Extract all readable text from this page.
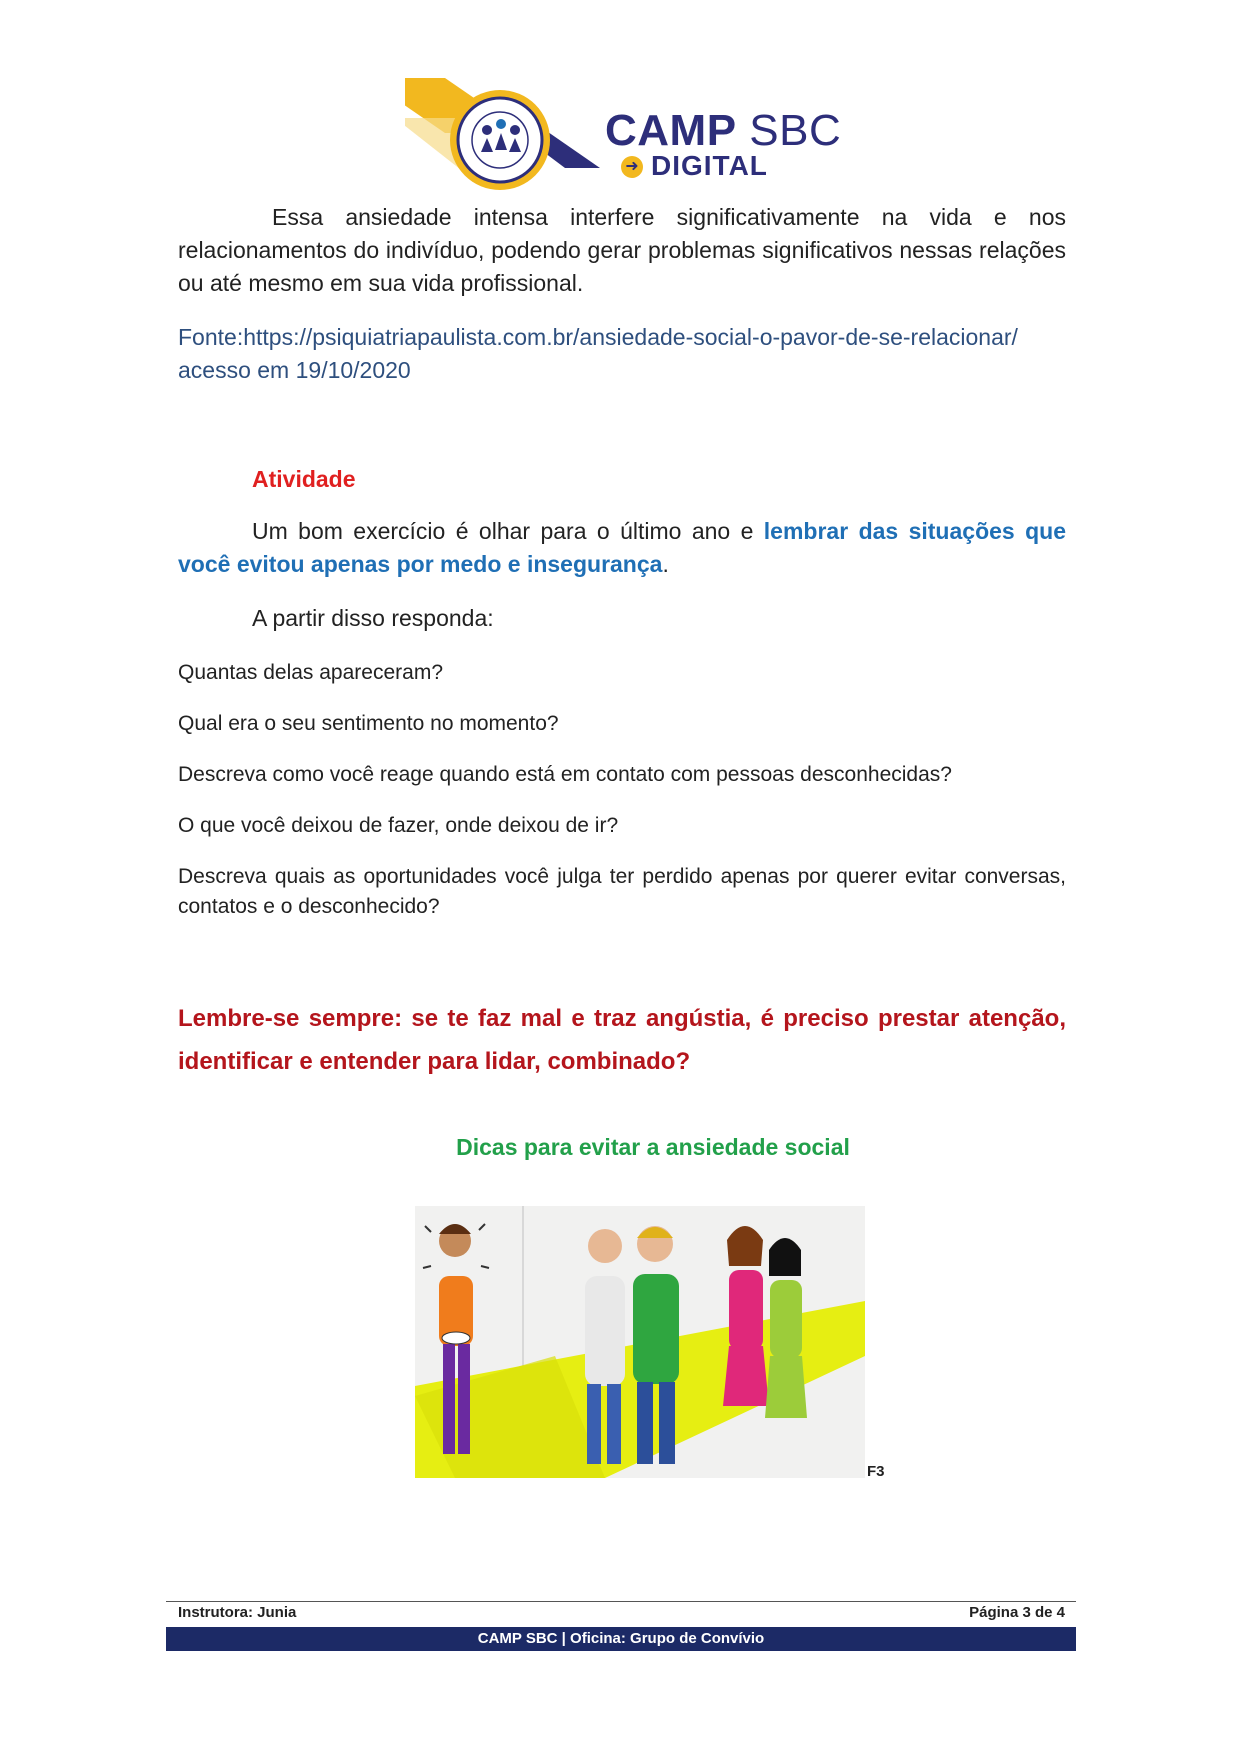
CAMP SBC
➜ DIGITAL
Essa ansiedade intensa interfere significativamente na vida e nos relacionamentos do indivíduo, podendo gerar problemas significativos nessas relações ou até mesmo em sua vida profissional.
Fonte:https://psiquiatriapaulista.com.br/ansiedade-social-o-pavor-de-se-relacionar/ acesso em 19/10/2020
Atividade
Um bom exercício é olhar para o último ano e lembrar das situações que você evitou apenas por medo e insegurança.
A partir disso responda:
Quantas delas apareceram?
Qual era o seu sentimento no momento?
Descreva como você reage quando está em contato com pessoas desconhecidas?
O que você deixou de fazer, onde deixou de ir?
Descreva quais as oportunidades você julga ter perdido apenas por querer evitar conversas, contatos e o desconhecido?
Lembre-se sempre: se te faz mal e traz angústia, é preciso prestar atenção, identificar e entender para lidar, combinado?
Dicas para evitar a ansiedade social
F3
Instrutora: Junia	Página 3 de 4
CAMP SBC | Oficina: Grupo de Convívio
